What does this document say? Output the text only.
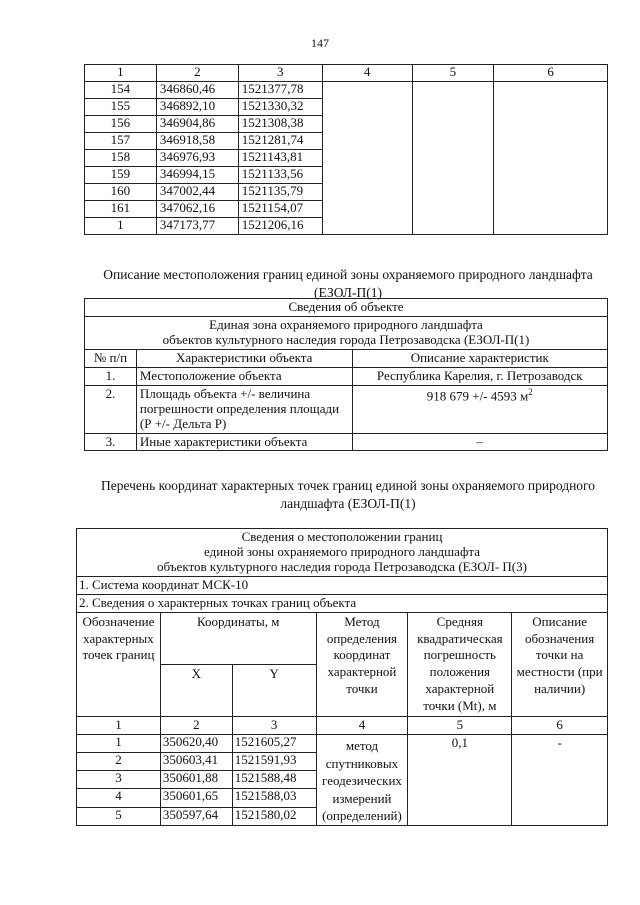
147
1	2	3	4	5	6
154	346860,46	1521377,78			
155	346892,10	1521330,32			
156	346904,86	1521308,38			
157	346918,58	1521281,74			
158	346976,93	1521143,81			
159	346994,15	1521133,56			
160	347002,44	1521135,79			
161	347062,16	1521154,07			
1	347173,77	1521206,16			
Описание местоположения границ единой зоны охраняемого природного ландшафта (ЕЗОЛ-П(1)
Сведения об объекте		

Единая зона охраняемого природного ландшафта
объектов культурного наследия города Петрозаводска (ЕЗОЛ-П(1)		

№ п/п	Характеристики объекта	Описание характеристик
1.	Местоположение объекта	Республика Карелия, г. Петрозаводск
2.	Площадь объекта +/- величина погрешности определения площади (Р +/- Дельта Р)	918 679 +/- 4593 $м^2$
3.	Иные характеристики объекта	–
Перечень координат характерных точек границ единой зоны охраняемого природного ландшафта (ЕЗОЛ-П(1)
Сведения о местоположении границ
единой зоны охраняемого природного ландшафта
объектов культурного наследия города Петрозаводска (ЕЗОЛ- П(3)					

1. Система координат МСК-10					
2. Сведения о характерных точках границ объекта					
Обозначение характерных точек границ	Координаты, м		Метод определения координат характерной точки	Средняя квадратическая погрешность положения характерной точки (Mt), м	Описание обозначения точки на местности (при наличии)
	X	Y			
1	2	3	4	5	6
1	350620,40	1521605,27	метод спутниковых геодезических измерений (определений)	0,1	-
2	350603,41	1521591,93			
3	350601,88	1521588,48			
4	350601,65	1521588,03			
5	350597,64	1521580,02			
